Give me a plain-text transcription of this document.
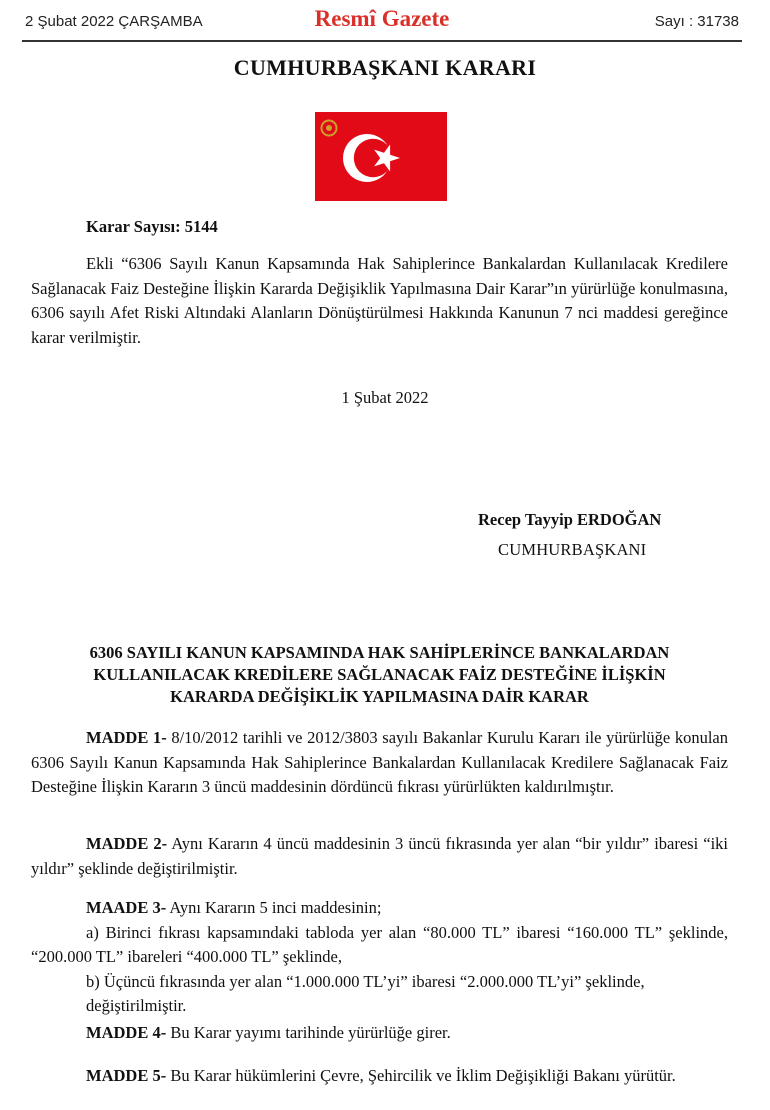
2 Şubat 2022 ÇARŞAMBA	Resmî Gazete	Sayı : 31738
CUMHURBAŞKANI KARARI
Karar Sayısı: 5144

Ekli “6306 Sayılı Kanun Kapsamında Hak Sahiplerince Bankalardan Kullanılacak Kredilere Sağlanacak Faiz Desteğine İlişkin Kararda Değişiklik Yapılmasına Dair Karar”ın yürürlüğe konulmasına, 6306 sayılı Afet Riski Altındaki Alanların Dönüştürülmesi Hakkında Kanunun 7 nci maddesi gereğince karar verilmiştir.

1 Şubat 2022
Recep Tayyip ERDOĞAN
CUMHURBAŞKANI
6306 SAYILI KANUN KAPSAMINDA HAK SAHİPLERİNCE BANKALARDAN
KULLANILACAK KREDİLERE SAĞLANACAK FAİZ DESTEĞİNE İLİŞKİN
KARARDA DEĞİŞİKLİK YAPILMASINA DAİR KARAR

MADDE 1- 8/10/2012 tarihli ve 2012/3803 sayılı Bakanlar Kurulu Kararı ile yürürlüğe konulan 6306 Sayılı Kanun Kapsamında Hak Sahiplerince Bankalardan Kullanılacak Kredilere Sağlanacak Faiz Desteğine İlişkin Kararın 3 üncü maddesinin dördüncü fıkrası yürürlükten kaldırılmıştır.

MADDE 2- Aynı Kararın 4 üncü maddesinin 3 üncü fıkrasında yer alan “bir yıldır” ibaresi “iki yıldır” şeklinde değiştirilmiştir.

MAADE 3- Aynı Kararın 5 inci maddesinin;

a) Birinci fıkrası kapsamındaki tabloda yer alan “80.000 TL” ibaresi “160.000 TL” şeklinde, “200.000 TL” ibareleri “400.000 TL” şeklinde,

b) Üçüncü fıkrasında yer alan “1.000.000 TL’yi” ibaresi “2.000.000 TL’yi” şeklinde,

değiştirilmiştir.

MADDE 4- Bu Karar yayımı tarihinde yürürlüğe girer.

MADDE 5- Bu Karar hükümlerini Çevre, Şehircilik ve İklim Değişikliği Bakanı yürütür.
